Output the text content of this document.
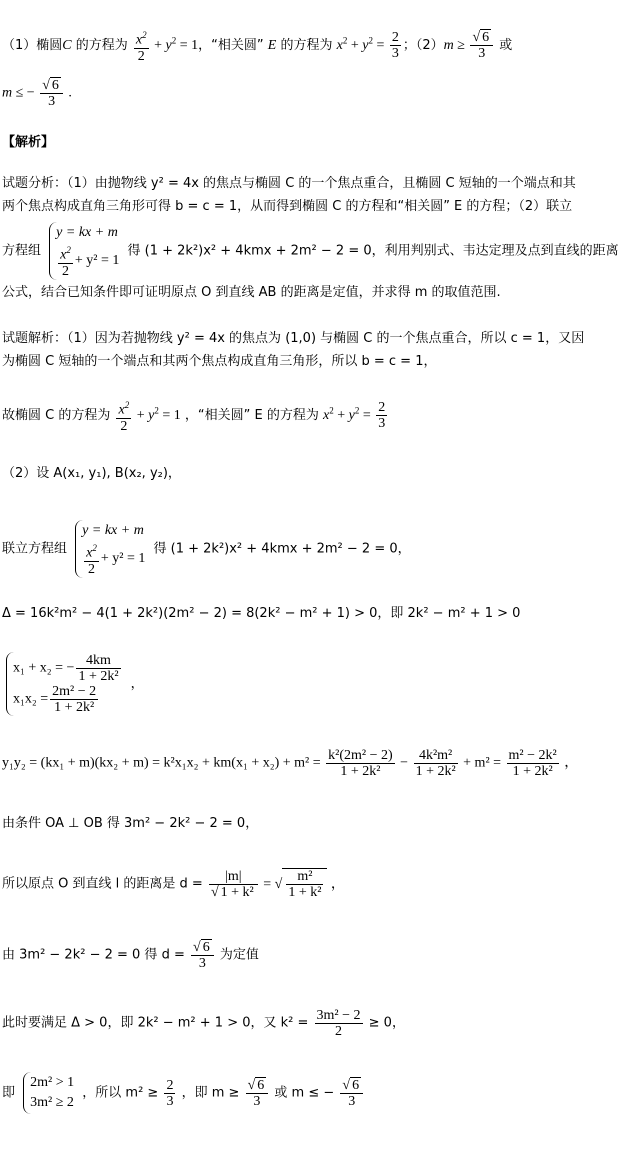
（1）椭圆C 的方程为 $\frac{x^2}{2} + y^2 = 1$，“相关圆” E 的方程为 $x^2 + y^2 = \frac{2}{3}$ ；$(2)m \ge \frac{√ 6}{3}$ 或
m ≤ − $\frac{√ 6}{3}$ .
【解析】
试题分析：（1）由抛物线 y² = 4x 的焦点与椭圆 C 的一个焦点重合，且椭圆 C 短轴的一个端点和其
两个焦点构成直角三角形可得 b = c = 1，从而得到椭圆 C 的方程和“相关圆” E 的方程；（2）联立
方程组
y = kx + m
$\frac{x^2}{2} + y^2 = 1$
得 (1 + 2k²)x² + 4kmx + 2m² − 2 = 0，利用判别式、韦达定理及点到直线的距离
公式，结合已知条件即可证明原点 O 到直线 AB 的距离是定值，并求得 m 的取值范围.
试题解析：（1）因为若抛物线 y² = 4x 的焦点为 (1,0) 与椭圆 C 的一个焦点重合，所以 c = 1，又因
为椭圆 C 短轴的一个端点和其两个焦点构成直角三角形，所以 b = c = 1，
故椭圆 C 的方程为 $\frac{x^2}{2} + y^2 = 1$ ，“相关圆” E 的方程为 $x^2 + y^2 = \frac{2}{3}$
（2）设 A(x₁, y₁), B(x₂, y₂)，
联立方程组
y = kx + m
$\frac{x^2}{2} + y^2 = 1$
得 (1 + 2k²)x² + 4kmx + 2m² − 2 = 0，
Δ = 16k²m² − 4(1 + 2k²)(2m² − 2) = 8(2k² − m² + 1) > 0，即 2k² − m² + 1 > 0
x₁ + x₂ = − $\frac{4km}{\text{1 + 2k²}}$
$x_1x_2 = \frac{\text{2m² − 2}}{\text{1 + 2k²}}$ ，
$y_1y_2 = (kx_1 + m)(kx_2 + m) = k^2x_1x_2 + km(x_1 + x_2) + m^2 = \frac{\text{k²(2m² − 2)}}{\text{1 + 2k²}} - \frac{\text{4k²m²}}{\text{1 + 2k²}} + m^2 = \frac{\text{m² − 2k²}}{\text{1 + 2k²}}$ ，
由条件 OA ⊥ OB 得 3m² − 2k² − 2 = 0，
所以原点 O 到直线 l 的距离是 $d = \frac{|m|}{\text{√ 1 + k²}}$ = √ $\frac{\text{m²}}{\text{1 + k²}}$ ，
由 3m² − 2k² − 2 = 0 得 $d = \frac{√ 6}{3}$ 为定值
此时要满足 Δ > 0，即 2k² − m² + 1 > 0，又 $k^2 = \frac{\text{3m² − 2}}{2} \ge 0$，
即
2m² > 1
3m² ≥ 2
，所以 $m^2 \ge \frac{2}{3}$ ，即 $m \ge \frac{√ 6}{3}$ 或 m ≤ − $\frac{√ 6}{3}$
